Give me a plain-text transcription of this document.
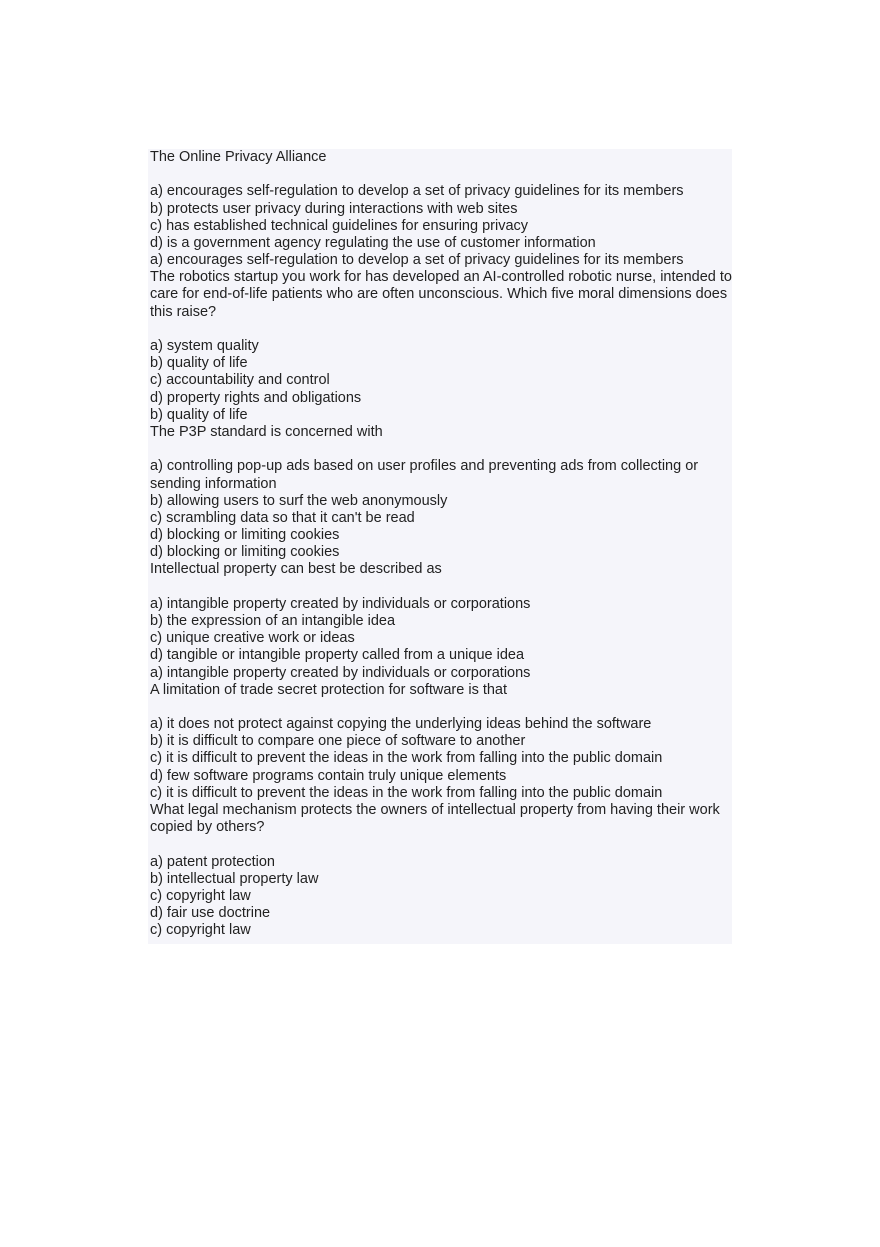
The Online Privacy Alliance
a) encourages self-regulation to develop a set of privacy guidelines for its members
b) protects user privacy during interactions with web sites
c) has established technical guidelines for ensuring privacy
d) is a government agency regulating the use of customer information
a) encourages self-regulation to develop a set of privacy guidelines for its members
The robotics startup you work for has developed an AI-controlled robotic nurse, intended to care for end-of-life patients who are often unconscious. Which five moral dimensions does this raise?
a) system quality
b) quality of life
c) accountability and control
d) property rights and obligations
b) quality of life
The P3P standard is concerned with
a) controlling pop-up ads based on user profiles and preventing ads from collecting or sending information
b) allowing users to surf the web anonymously
c) scrambling data so that it can't be read
d) blocking or limiting cookies
d) blocking or limiting cookies
Intellectual property can best be described as
a) intangible property created by individuals or corporations
b) the expression of an intangible idea
c) unique creative work or ideas
d) tangible or intangible property called from a unique idea
a) intangible property created by individuals or corporations
A limitation of trade secret protection for software is that
a) it does not protect against copying the underlying ideas behind the software
b) it is difficult to compare one piece of software to another
c) it is difficult to prevent the ideas in the work from falling into the public domain
d) few software programs contain truly unique elements
c) it is difficult to prevent the ideas in the work from falling into the public domain
What legal mechanism protects the owners of intellectual property from having their work copied by others?
a) patent protection
b) intellectual property law
c) copyright law
d) fair use doctrine
c) copyright law
